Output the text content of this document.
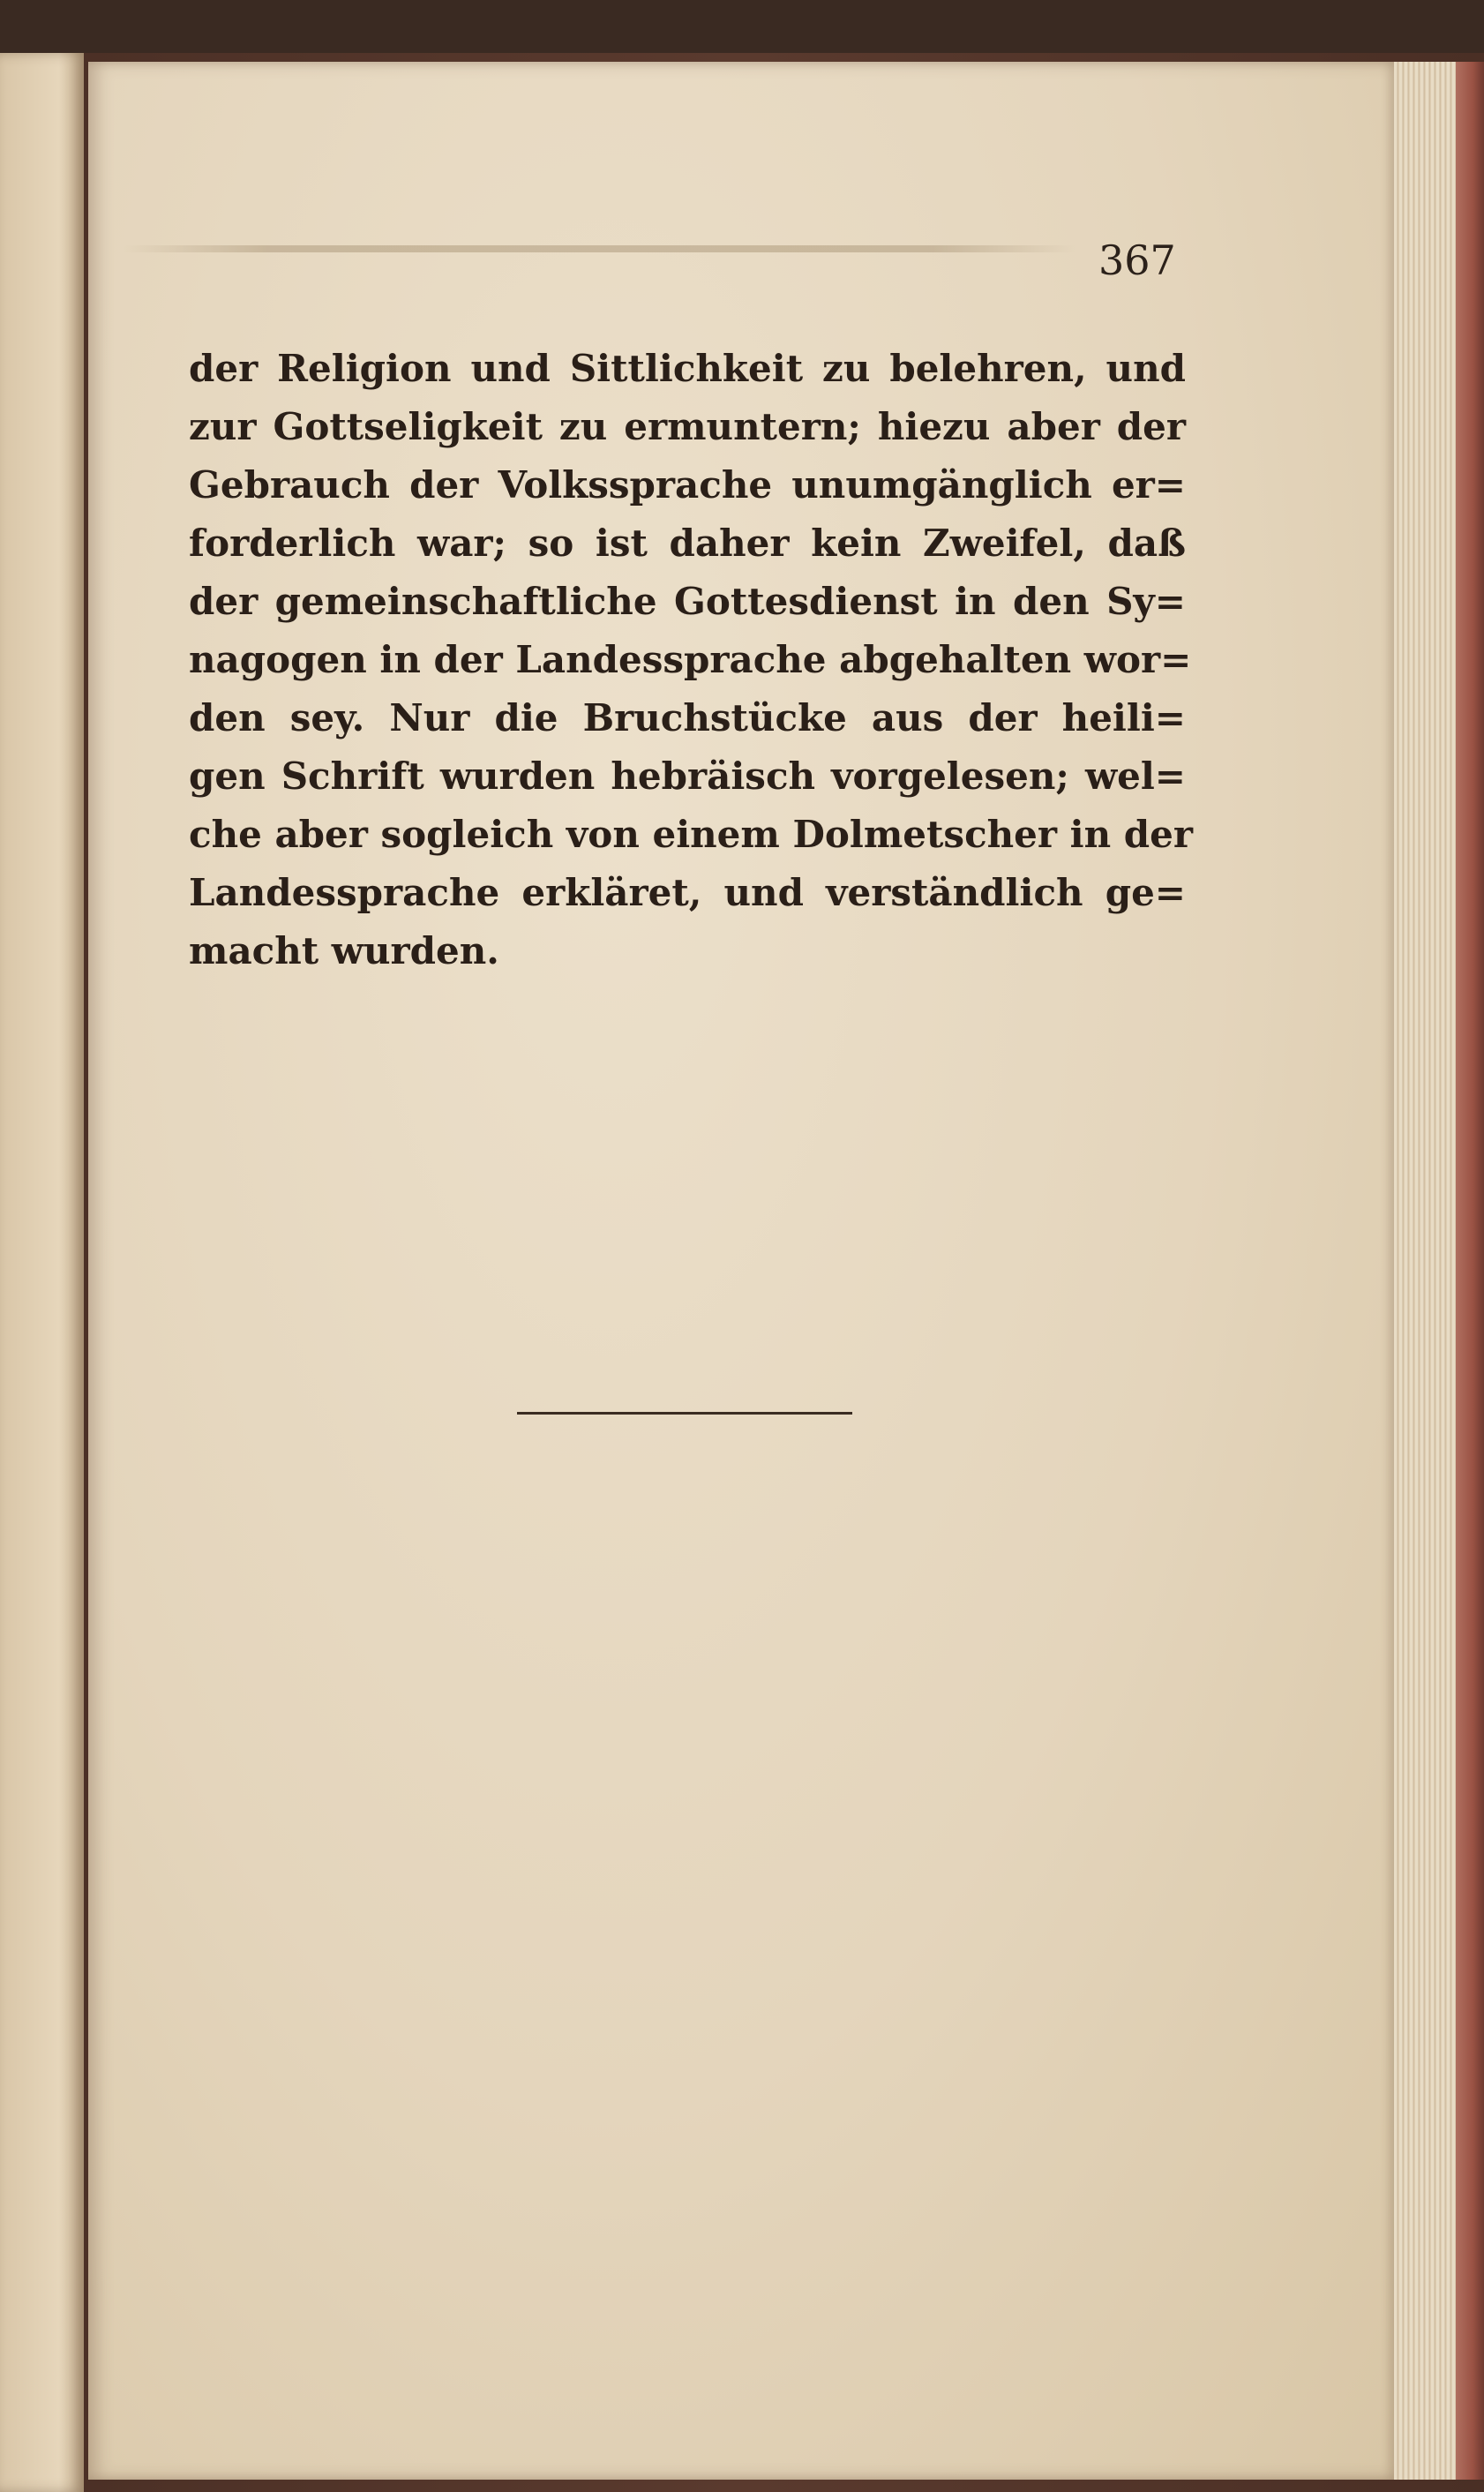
367
der Religion und Sittlichkeit zu belehren, und
zur Gottseligkeit zu ermuntern; hiezu aber der
Gebrauch der Volkssprache unumgänglich er=
forderlich war; so ist daher kein Zweifel, daß
der gemeinschaftliche Gottesdienst in den Sy=
nagogen in der Landessprache abgehalten wor=
den sey. Nur die Bruchstücke aus der heili=
gen Schrift wurden hebräisch vorgelesen; wel=
che aber sogleich von einem Dolmetscher in der
Landessprache erkläret, und verständlich ge=
macht wurden.
